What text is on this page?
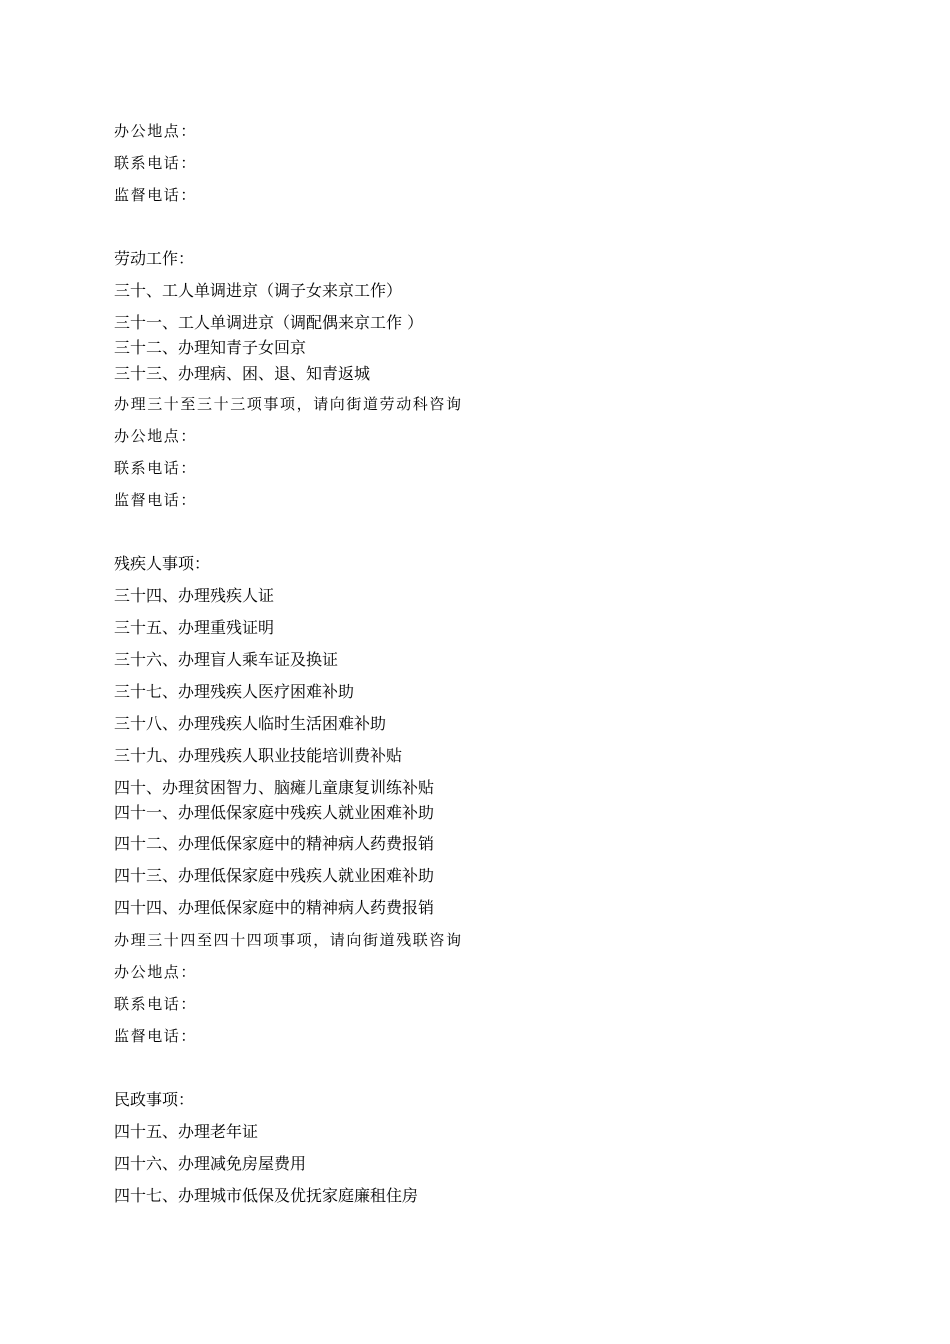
办公地点：
联系电话：
监督电话：
劳动工作：
三十、工人单调进京（调子女来京工作）
三十一、工人单调进京（调配偶来京工作 ）
三十二、办理知青子女回京
三十三、办理病、困、退、知青返城
办理三十至三十三项事项，请向街道劳动科咨询
办公地点：
联系电话：
监督电话：
残疾人事项：
三十四、办理残疾人证
三十五、办理重残证明
三十六、办理盲人乘车证及换证
三十七、办理残疾人医疗困难补助
三十八、办理残疾人临时生活困难补助
三十九、办理残疾人职业技能培训费补贴
四十、办理贫困智力、脑瘫儿童康复训练补贴
四十一、办理低保家庭中残疾人就业困难补助
四十二、办理低保家庭中的精神病人药费报销
四十三、办理低保家庭中残疾人就业困难补助
四十四、办理低保家庭中的精神病人药费报销
办理三十四至四十四项事项，请向街道残联咨询
办公地点：
联系电话：
监督电话：
民政事项：
四十五、办理老年证
四十六、办理减免房屋费用
四十七、办理城市低保及优抚家庭廉租住房
